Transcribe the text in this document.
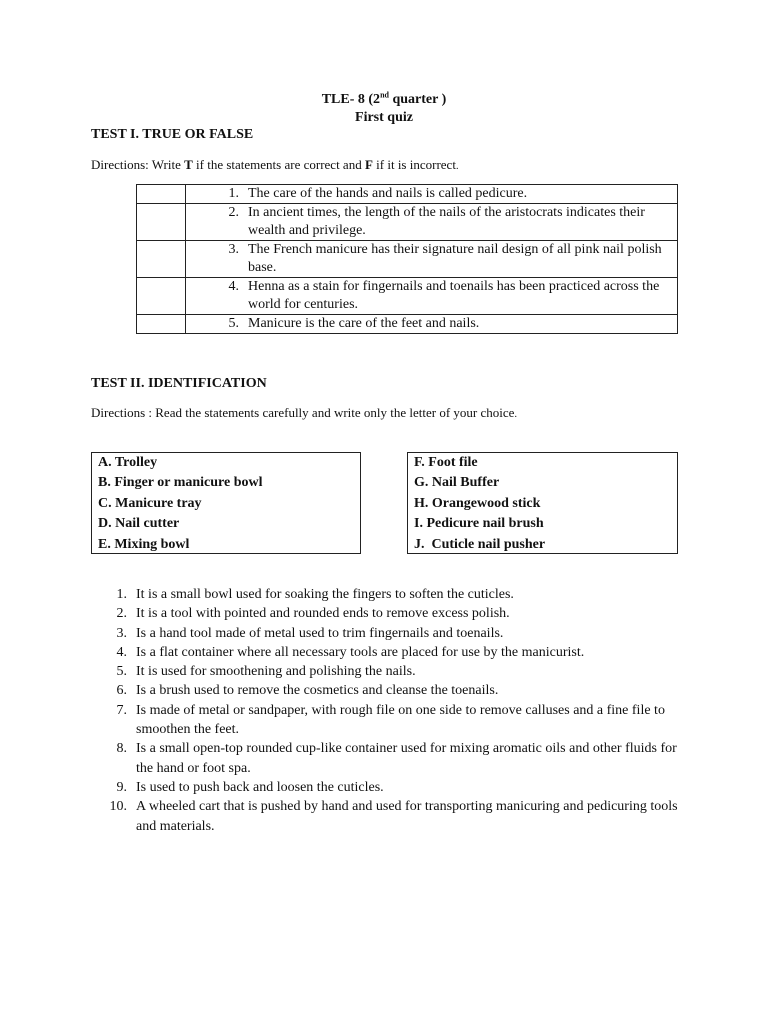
TLE- 8 (2nd quarter )
First quiz
TEST I. TRUE OR FALSE
Directions: Write T if the statements are correct and F if it is incorrect.

	1. The care of the hands and nails is called pedicure.

	2. In ancient times, the length of the nails of the aristocrats indicates their wealth and privilege.

	3. The French manicure has their signature nail design of all pink nail polish base.

	4. Henna as a stain for fingernails and toenails has been practiced across the world for centuries.

	5. Manicure is the care of the feet and nails.
TEST II. IDENTIFICATION
Directions : Read the statements carefully and write only the letter of your choice.
A. Trolley
B. Finger or manicure bowl
C. Manicure tray
D. Nail cutter
E. Mixing bowl
F. Foot file
G. Nail Buffer
H. Orangewood stick
I. Pedicure nail brush
J.  Cuticle nail pusher
1. It is a small bowl used for soaking the fingers to soften the cuticles.
2. It is a tool with pointed and rounded ends to remove excess polish.
3. Is a hand tool made of metal used to trim fingernails and toenails.
4. Is a flat container where all necessary tools are placed for use by the manicurist.
5. It is used for smoothening and polishing the nails.
6. Is a brush used to remove the cosmetics and cleanse the toenails.
7. Is made of metal or sandpaper, with rough file on one side to remove calluses and a fine file to smoothen the feet.
8. Is a small open-top rounded cup-like container used for mixing aromatic oils and other fluids for the hand or foot spa.
9. Is used to push back and loosen the cuticles.
10. A wheeled cart that is pushed by hand and used for transporting manicuring and pedicuring tools and materials.
